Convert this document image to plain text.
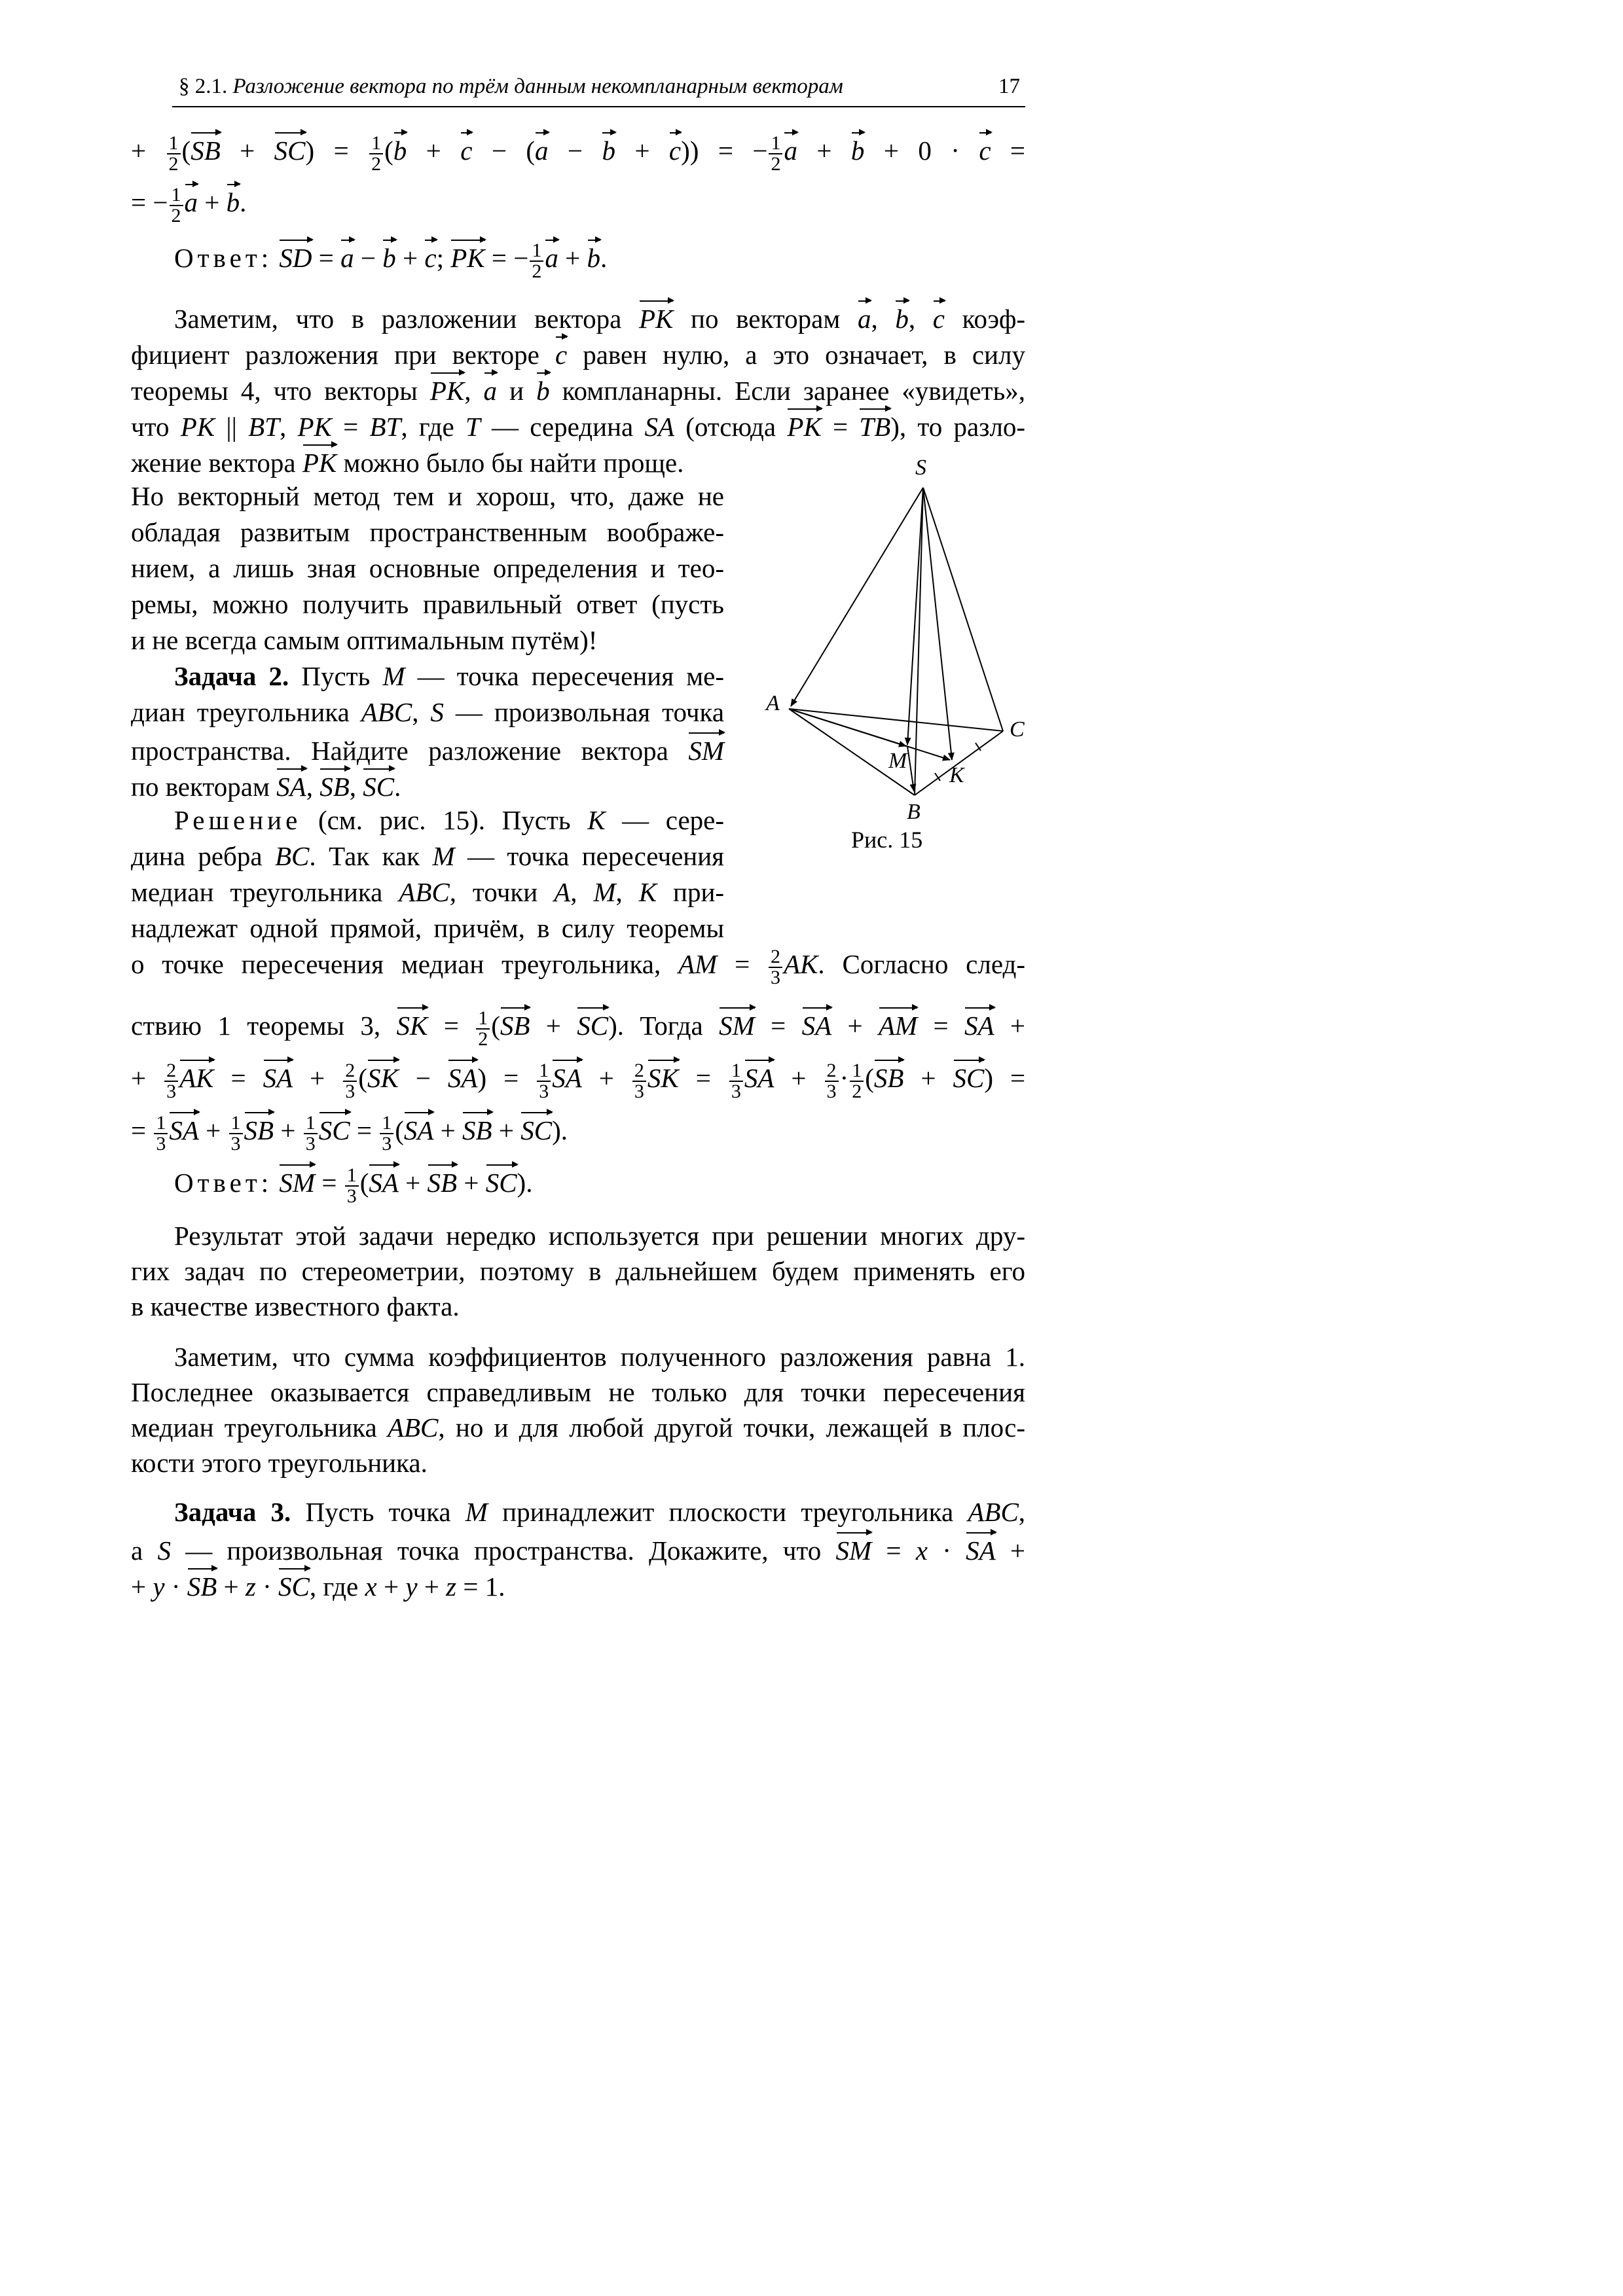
§ 2.1. Разложение вектора по трём данным некомпланарным векторам	17
+ $\frac{1}{2} (SB + SC) = \frac{1}{2} (b + c - (a - b + c))$ = − $\frac{1}{2}$ a + b + 0 · c =
= − $\frac{1}{2}$ a + b.
Ответ: SD = a − b + c; PK = − $\frac{1}{2}$ a + b.
Заметим, что в разложении вектора PK по векторам a, b, c коэф-
фициент разложения при векторе c равен нулю, а это означает, в силу
теоремы 4, что векторы PK, a и b компланарны. Если заранее «увидеть»,
что PK || BT, PK = BT, где T — середина SA (отсюда PK = TB), то разло-
жение вектора PK можно было бы найти проще.
Но векторный метод тем и хорош, что, даже не
обладая развитым пространственным воображе-
нием, а лишь зная основные определения и тео-
ремы, можно получить правильный ответ (пусть
и не всегда самым оптимальным путём)!
Задача 2. Пусть M — точка пересечения ме-
диан треугольника ABC, S — произвольная точка
пространства. Найдите разложение вектора SM
по векторам SA, SB, SC.
Решение (см. рис. 15). Пусть K — сере-
дина ребра BC. Так как M — точка пересечения
медиан треугольника ABC, точки A, M, K при-
надлежат одной прямой, причём, в силу теоремы
о точке пересечения медиан треугольника, AM = $\frac{2}{3}$ AK. Согласно след-
ствию 1 теоремы 3, SK = $\frac{1}{2} (SB + SC)$. Тогда SM = SA + AM = SA +
+ $\frac{2}{3}$ AK = SA + $\frac{2}{3} (SK - SA) = \frac{1}{3}$ SA + $\frac{2}{3}$ SK = $\frac{1}{3}$ SA + $\frac{2}{3} \cdot \frac{1}{2} (SB + SC)$ =
= $\frac{1}{3}$ SA + $\frac{1}{3}$ SB + $\frac{1}{3}$ SC = $\frac{1}{3} (SA$ + SB + SC).
Ответ: SM = $\frac{1}{3} (SA$ + SB + SC).
Результат этой задачи нередко используется при решении многих дру-
гих задач по стереометрии, поэтому в дальнейшем будем применять его
в качестве известного факта.
Заметим, что сумма коэффициентов полученного разложения равна 1.
Последнее оказывается справедливым не только для точки пересечения
медиан треугольника ABC, но и для любой другой точки, лежащей в плос-
кости этого треугольника.
Задача 3. Пусть точка M принадлежит плоскости треугольника ABC,
a S — произвольная точка пространства. Докажите, что SM = x · SA +
+ y · SB + z · SC, где x + y + z = 1.
S
A
B
C
M
K
Рис. 15
